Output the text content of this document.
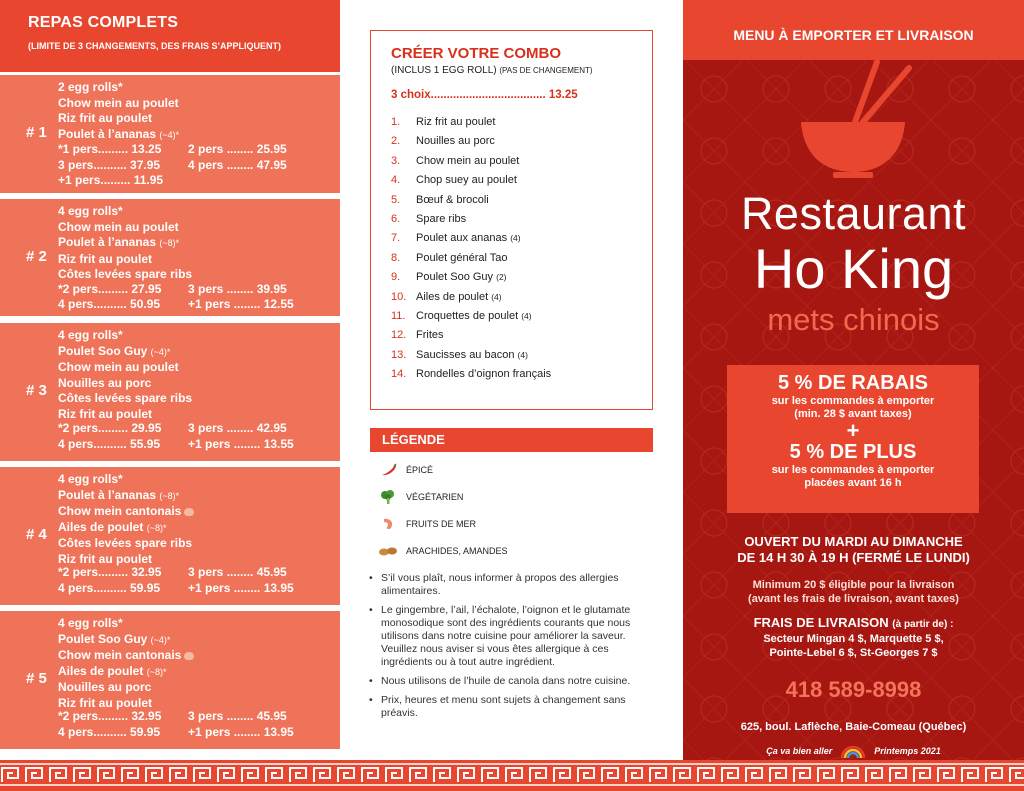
REPAS COMPLETS
(LIMITE DE 3 CHANGEMENTS, DES FRAIS S’APPLIQUENT)
# 1
2 egg rolls*
Chow mein au poulet
Riz frit au poulet
Poulet à l’ananas (~4)*
*1 pers......... 13.25	2 pers ........ 25.95
3 pers.......... 37.95	4 pers ........ 47.95
+1 pers......... 11.95
# 2
4 egg rolls*
Chow mein au poulet
Poulet à l’ananas (~8)*
Riz frit au poulet
Côtes levées spare ribs
*2 pers......... 27.95	3 pers ........ 39.95
4 pers.......... 50.95	+1 pers ........ 12.55
# 3
4 egg rolls*
Poulet Soo Guy (~4)*
Chow mein au poulet
Nouilles au porc
Côtes levées spare ribs
Riz frit au poulet
*2 pers......... 29.95	3 pers ........ 42.95
4 pers.......... 55.95	+1 pers ........ 13.55
# 4
4 egg rolls*
Poulet à l’ananas (~8)*
Chow mein cantonais
Ailes de poulet (~8)*
Côtes levées spare ribs
Riz frit au poulet
*2 pers......... 32.95	3 pers ........ 45.95
4 pers.......... 59.95	+1 pers ........ 13.95
# 5
4 egg rolls*
Poulet Soo Guy (~4)*
Chow mein cantonais
Ailes de poulet (~8)*
Nouilles au porc
Riz frit au poulet
*2 pers......... 32.95	3 pers ........ 45.95
4 pers.......... 59.95	+1 pers ........ 13.95
CRÉER VOTRE COMBO
(INCLUS 1 EGG ROLL) (PAS DE CHANGEMENT)
3 choix.................................... 13.25
1. Riz frit au poulet
2. Nouilles au porc
3. Chow mein au poulet
4. Chop suey au poulet
5. Bœuf & brocoli
6. Spare ribs
7. Poulet aux ananas (4)
8. Poulet général Tao
9. Poulet Soo Guy (2)
10. Ailes de poulet (4)
11. Croquettes de poulet (4)
12. Frites
13. Saucisses au bacon (4)
14. Rondelles d’oignon français
LÉGENDE
ÉPICÉ
VÉGÉTARIEN
FRUITS DE MER
ARACHIDES, AMANDES
• S’il vous plaît, nous informer à propos des allergies alimentaires.
• Le gingembre, l’ail, l’échalote, l’oignon et le glutamate monosodique sont des ingrédients courants que nous utilisons dans notre cuisine pour améliorer la saveur. Veuillez nous aviser si vous êtes allergique à ces ingrédients ou à tout autre ingrédient.
• Nous utilisons de l’huile de canola dans notre cuisine.
• Prix, heures et menu sont sujets à changement sans préavis.
MENU À EMPORTER ET LIVRAISON
Restaurant
Ho King
mets chinois
5 % DE RABAIS
sur les commandes à emporter
(min. 28 $ avant taxes)
+
5 % DE PLUS
sur les commandes à emporter
placées avant 16 h
OUVERT DU MARDI AU DIMANCHE
DE 14 H 30 À 19 H (FERMÉ LE LUNDI)
Minimum 20 $ éligible pour la livraison
(avant les frais de livraison, avant taxes)
FRAIS DE LIVRAISON (à partir de) :
Secteur Mingan 4 $, Marquette 5 $,
Pointe-Lebel 6 $, St-Georges 7 $
418 589-8998
625, boul. Laflèche, Baie-Comeau (Québec)
Ça va bien aller	Printemps 2021
